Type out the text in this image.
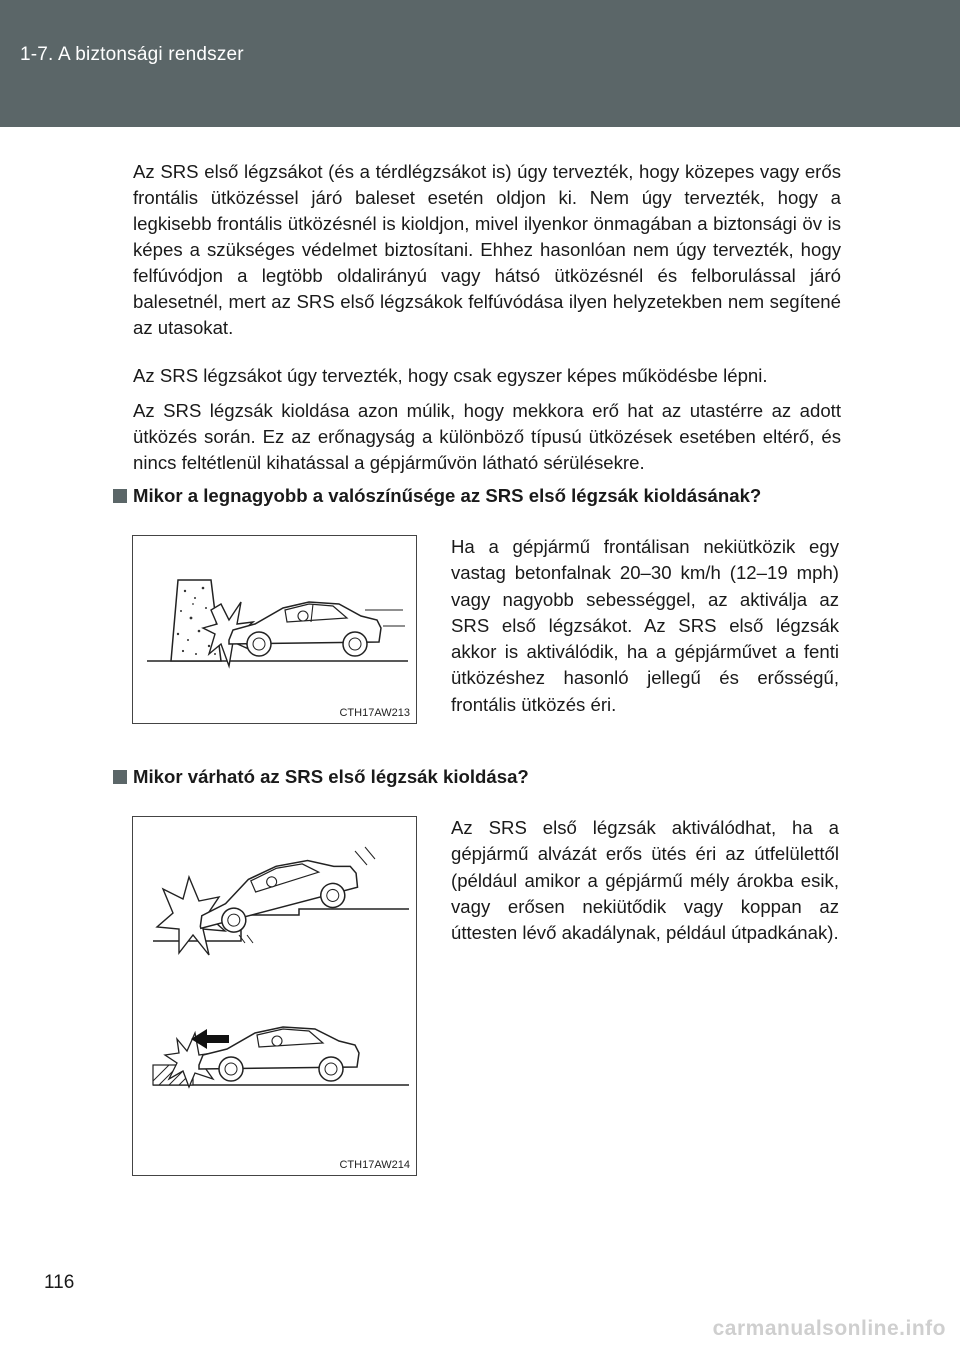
1-7. A biztonsági rendszer
Az SRS első légzsákot (és a térdlégzsákot is) úgy tervezték, hogy közepes vagy erős frontális ütközéssel járó baleset esetén oldjon ki. Nem úgy tervezték, hogy a legkisebb frontális ütközésnél is kioldjon, mivel ilyenkor önmagában a biztonsági öv is képes a szükséges védelmet biztosítani. Ehhez hasonlóan nem úgy tervezték, hogy felfúvódjon a legtöbb oldalirányú vagy hátsó ütközésnél és felborulással járó balesetnél, mert az SRS első légzsákok felfúvódása ilyen helyzetekben nem segítené az utasokat.
Az SRS légzsákot úgy tervezték, hogy csak egyszer képes működésbe lépni.
Az SRS légzsák kioldása azon múlik, hogy mekkora erő hat az utastérre az adott ütközés során. Ez az erőnagyság a különböző típusú ütközések esetében eltérő, és nincs feltétlenül kihatással a gépjárművön látható sérülésekre.
Mikor a legnagyobb a valószínűsége az SRS első légzsák kioldásának?
CTH17AW213
Ha a gépjármű frontálisan nekiütközik egy vastag betonfalnak 20–30 km/h (12–19 mph) vagy nagyobb sebességgel, az aktiválja az SRS első légzsákot. Az SRS első légzsák akkor is aktiválódik, ha a gépjárművet a fenti ütközéshez hasonló jellegű és erősségű, frontális ütközés éri.
Mikor várható az SRS első légzsák kioldása?
CTH17AW214
Az SRS első légzsák aktiválódhat, ha a gépjármű alvázát erős ütés éri az útfelülettől (például amikor a gépjármű mély árokba esik, vagy erősen nekiütődik vagy koppan az úttesten lévő akadálynak, például útpadkának).
116
carmanualsonline.info
